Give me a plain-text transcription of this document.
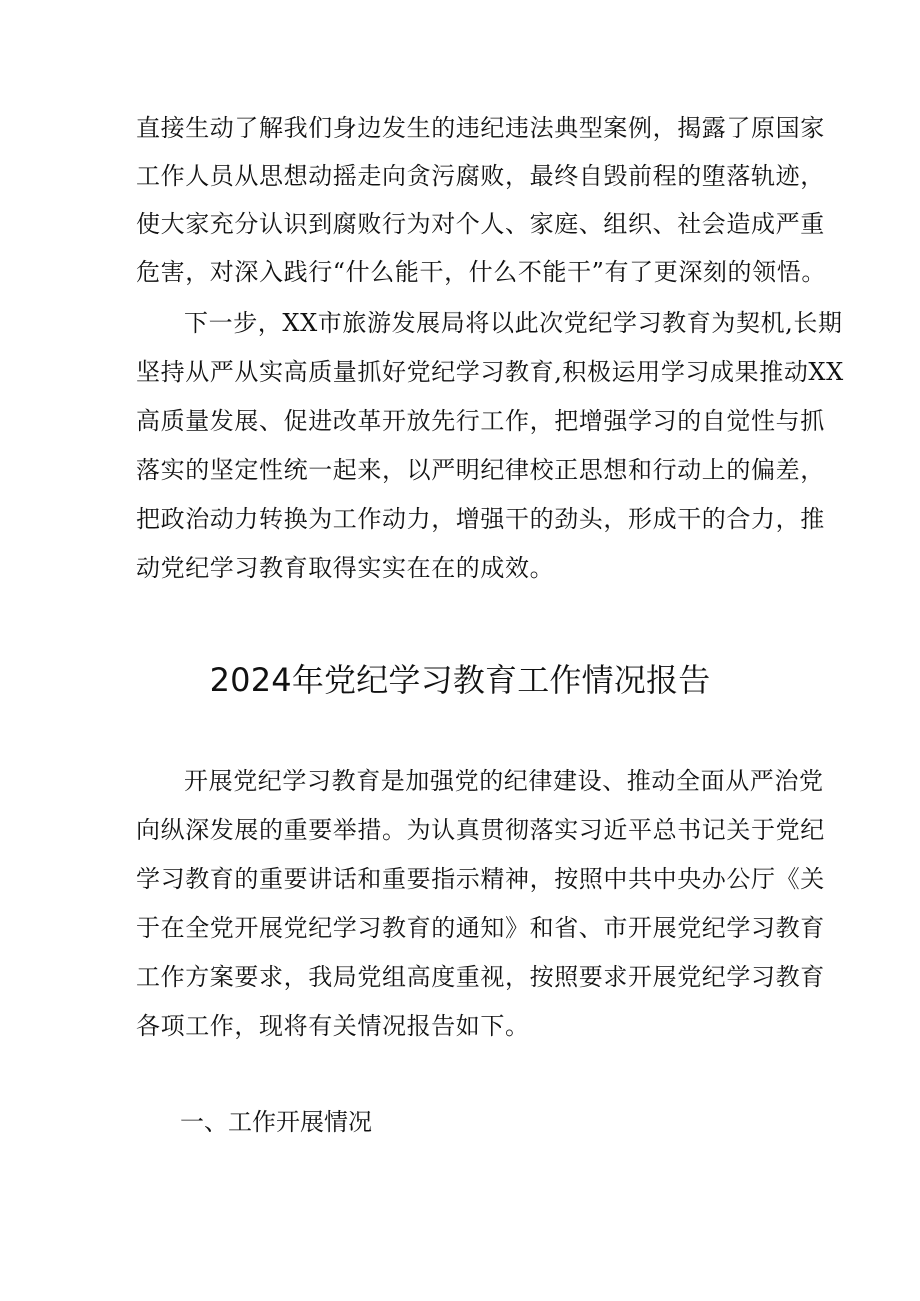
直接生动了解我们身边发生的违纪违法典型案例，揭露了原国家
工作人员从思想动摇走向贪污腐败，最终自毁前程的堕落轨迹，
使大家充分认识到腐败行为对个人、家庭、组织、社会造成严重
危害，对深入践行“什么能干，什么不能干”有了更深刻的领悟。
下一步，XX市旅游发展局将以此次党纪学习教育为契机,长期
坚持从严从实高质量抓好党纪学习教育,积极运用学习成果推动XX
高质量发展、促进改革开放先行工作，把增强学习的自觉性与抓
落实的坚定性统一起来，以严明纪律校正思想和行动上的偏差，
把政治动力转换为工作动力，增强干的劲头，形成干的合力，推
动党纪学习教育取得实实在在的成效。
2024年党纪学习教育工作情况报告
开展党纪学习教育是加强党的纪律建设、推动全面从严治党
向纵深发展的重要举措。为认真贯彻落实习近平总书记关于党纪
学习教育的重要讲话和重要指示精神，按照中共中央办公厅《关
于在全党开展党纪学习教育的通知》和省、市开展党纪学习教育
工作方案要求，我局党组高度重视，按照要求开展党纪学习教育
各项工作，现将有关情况报告如下。
一、工作开展情况
